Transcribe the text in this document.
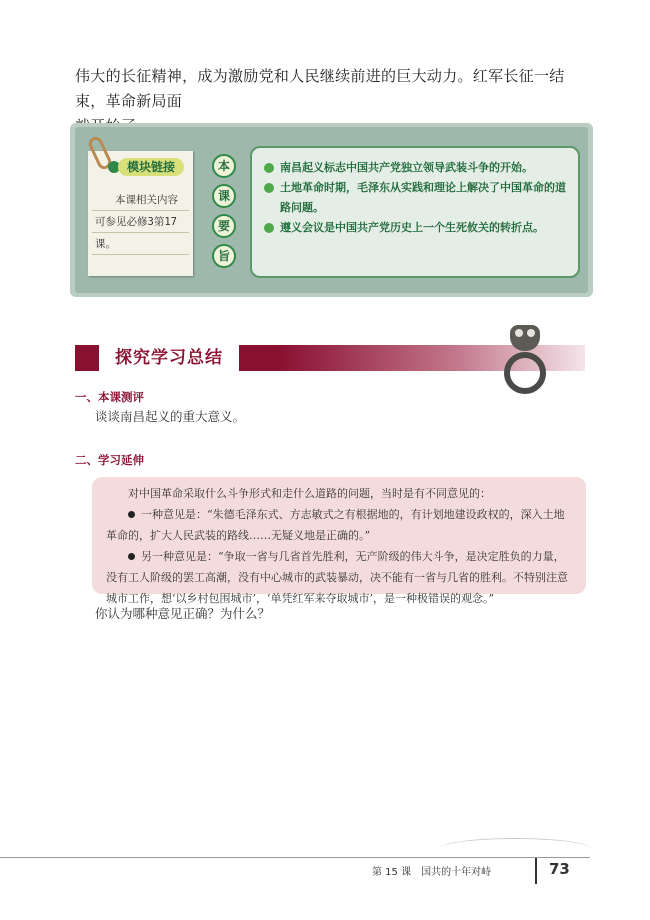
伟大的长征精神，成为激励党和人民继续前进的巨大动力。红军长征一结束，革命新局面
模块链接
本课相关内容
可参见必修3第17
课。
本
课
要
旨
南昌起义标志中国共产党独立领导武装斗争的开始。
土地革命时期，毛泽东从实践和理论上解决了中国革命的道路问题。
遵义会议是中国共产党历史上一个生死攸关的转折点。
探究学习总结
一、本课测评
谈谈南昌起义的重大意义。
二、学习延伸

对中国革命采取什么斗争形式和走什么道路的问题，当时是有不同意见的：

一种意见是：“朱德毛泽东式、方志敏式之有根据地的，有计划地建设政权的，深入土地革命的，扩大人民武装的路线……无疑义地是正确的。”

另一种意见是：“争取一省与几省首先胜利，无产阶级的伟大斗争，是决定胜负的力量，没有工人阶级的罢工高潮，没有中心城市的武装暴动，决不能有一省与几省的胜利。不特别注意城市工作，想‘以乡村包围城市’，‘单凭红军来夺取城市’，是一种极错误的观念。”

你认为哪种意见正确？为什么？
第 15 课　国共的十年对峙	73
